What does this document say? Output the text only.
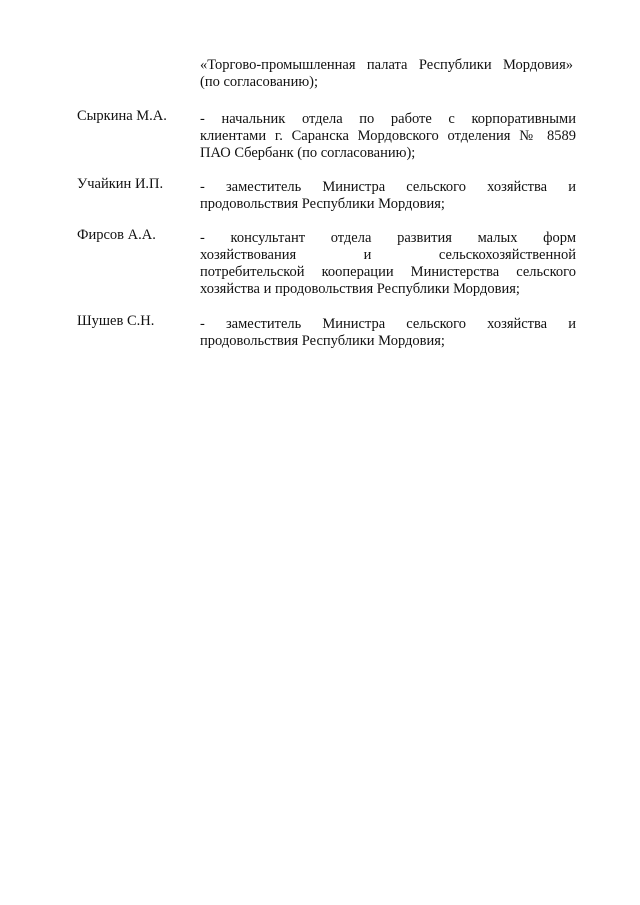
«Торгово-промышленная палата Республики Мордовия»
(по согласованию);
Сыркина М.А. - начальник отдела по работе с корпоративными
клиентами г. Саранска Мордовского отделения № 8589
ПАО Сбербанк (по согласованию);
Учайкин И.П.	- заместитель Министра сельского хозяйства и
продовольствия Республики Мордовия;
Фирсов А.А.	- консультант отдела развития малых форм
хозяйствования и сельскохозяйственной
потребительской кооперации Министерства сельского
хозяйства и продовольствия Республики Мордовия;
Шушев С.Н.	- заместитель Министра сельского хозяйства и
продовольствия Республики Мордовия;
